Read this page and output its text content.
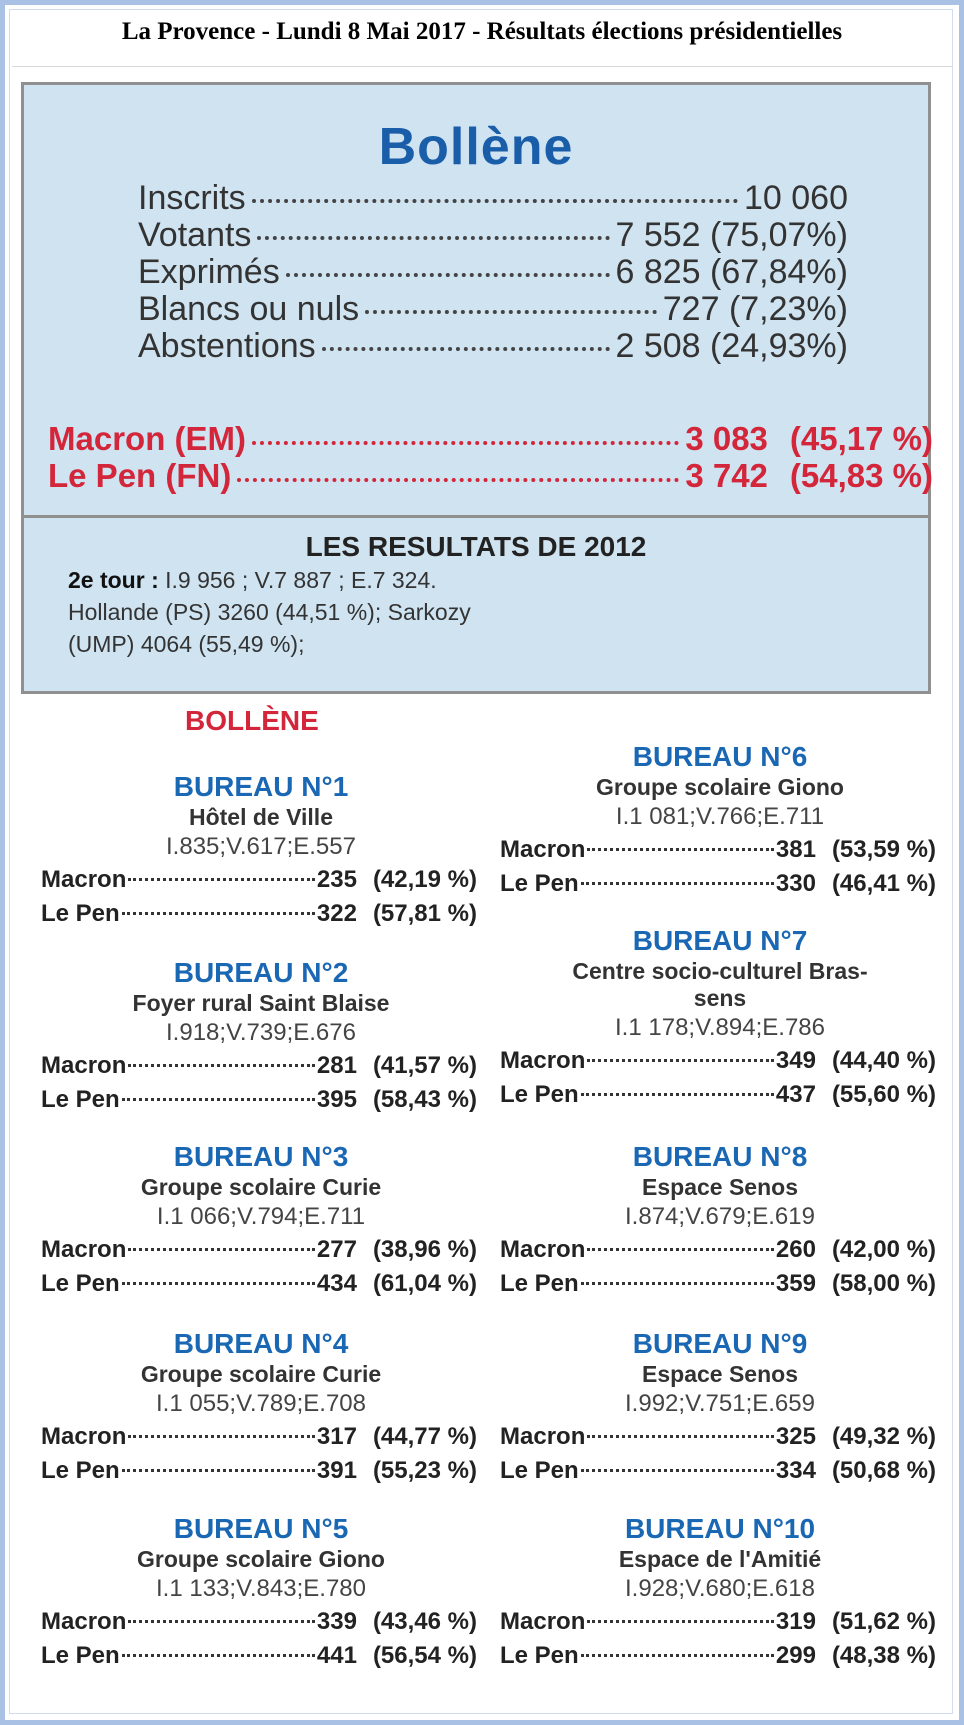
La Provence - Lundi 8 Mai 2017 - Résultats élections présidentielles
Bollène
Inscrits	10 060
Votants	7 552 (75,07%)
Exprimés	6 825 (67,84%)
Blancs ou nuls	727 (7,23%)
Abstentions	2 508 (24,93%)
Macron (EM)	3 083 (45,17 %)
Le Pen (FN)	3 742 (54,83 %)
LES RESULTATS DE 2012
2e tour : I.9 956 ; V.7 887 ; E.7 324.
Hollande (PS) 3260 (44,51 %); Sarkozy
(UMP) 4064 (55,49 %);
BOLLÈNE
BUREAU N°1
Hôtel de Ville
I.835;V.617;E.557
Macron	235 (42,19 %)
Le Pen	322 (57,81 %)
BUREAU N°2
Foyer rural Saint Blaise
I.918;V.739;E.676
Macron	281 (41,57 %)
Le Pen	395 (58,43 %)
BUREAU N°3
Groupe scolaire Curie
I.1 066;V.794;E.711
Macron	277 (38,96 %)
Le Pen	434 (61,04 %)
BUREAU N°4
Groupe scolaire Curie
I.1 055;V.789;E.708
Macron	317 (44,77 %)
Le Pen	391 (55,23 %)
BUREAU N°5
Groupe scolaire Giono
I.1 133;V.843;E.780
Macron	339 (43,46 %)
Le Pen	441 (56,54 %)
BUREAU N°6
Groupe scolaire Giono
I.1 081;V.766;E.711
Macron	381 (53,59 %)
Le Pen	330 (46,41 %)
BUREAU N°7
Centre socio-culturel Bras-sens
I.1 178;V.894;E.786
Macron	349 (44,40 %)
Le Pen	437 (55,60 %)
BUREAU N°8
Espace Senos
I.874;V.679;E.619
Macron	260 (42,00 %)
Le Pen	359 (58,00 %)
BUREAU N°9
Espace Senos
I.992;V.751;E.659
Macron	325 (49,32 %)
Le Pen	334 (50,68 %)
BUREAU N°10
Espace de l'Amitié
I.928;V.680;E.618
Macron	319 (51,62 %)
Le Pen	299 (48,38 %)
